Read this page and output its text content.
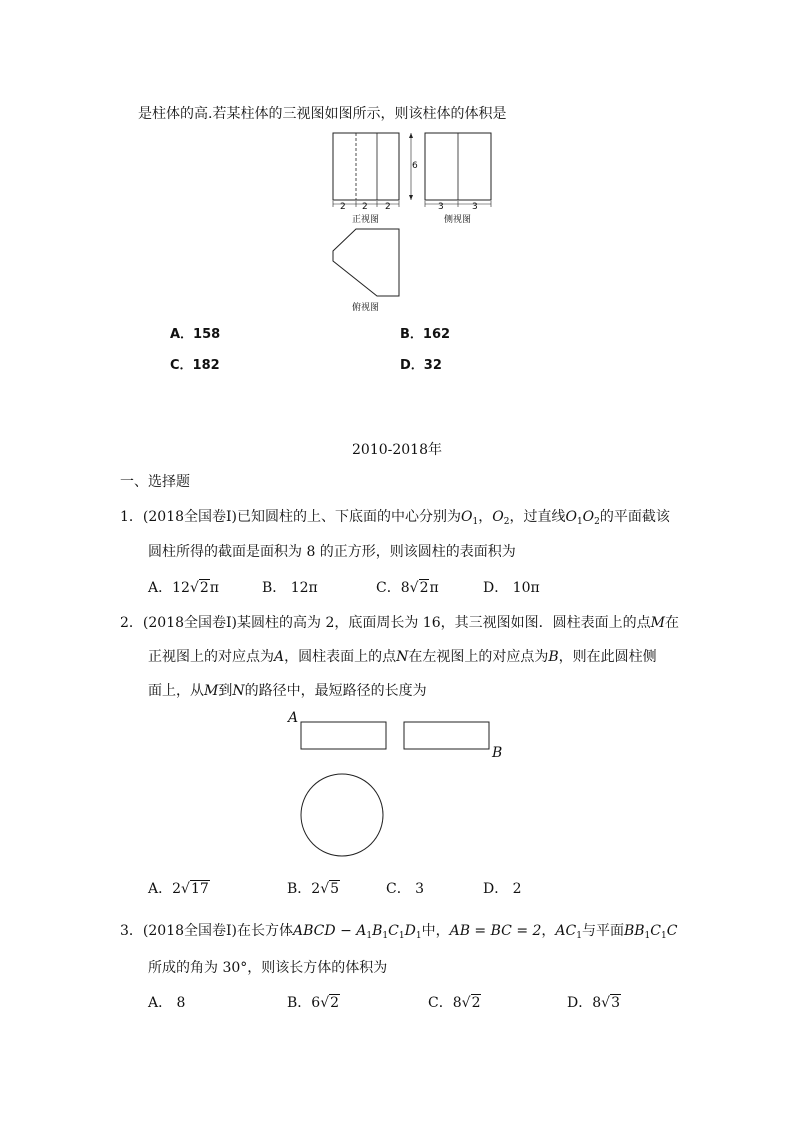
是柱体的高.若某柱体的三视图如图所示，则该柱体的体积是
6
2 2 2	3	3
正视图	侧视图
俯视图
A．158	B．162
C．182	D．32
2010-2018年
一、选择题
1．(2018全国卷Ⅰ)已知圆柱的上、下底面的中心分别为$O_1$，$O_2$，过直线$O_1O_2$的平面截该
圆柱所得的截面是面积为 8 的正方形，则该圆柱的表面积为
A．12√2π	B． 12π	C．8√2π	D． 10π
2．(2018全国卷Ⅰ)某圆柱的高为 2，底面周长为 16，其三视图如图．圆柱表面上的点M在
正视图上的对应点为A，圆柱表面上的点N在左视图上的对应点为B，则在此圆柱侧
面上，从M到N的路径中，最短路径的长度为
A
B
A．2√17	B．2√5	C． 3	D． 2
3．(2018全国卷Ⅰ)在长方体ABCD − $A_1B_1C_1D_1$中，AB = BC = 2，$AC_1$与平面$BB_1C_1C$
所成的角为 30°，则该长方体的体积为
A． 8	B．6√2	C．8√2	D．8√3
